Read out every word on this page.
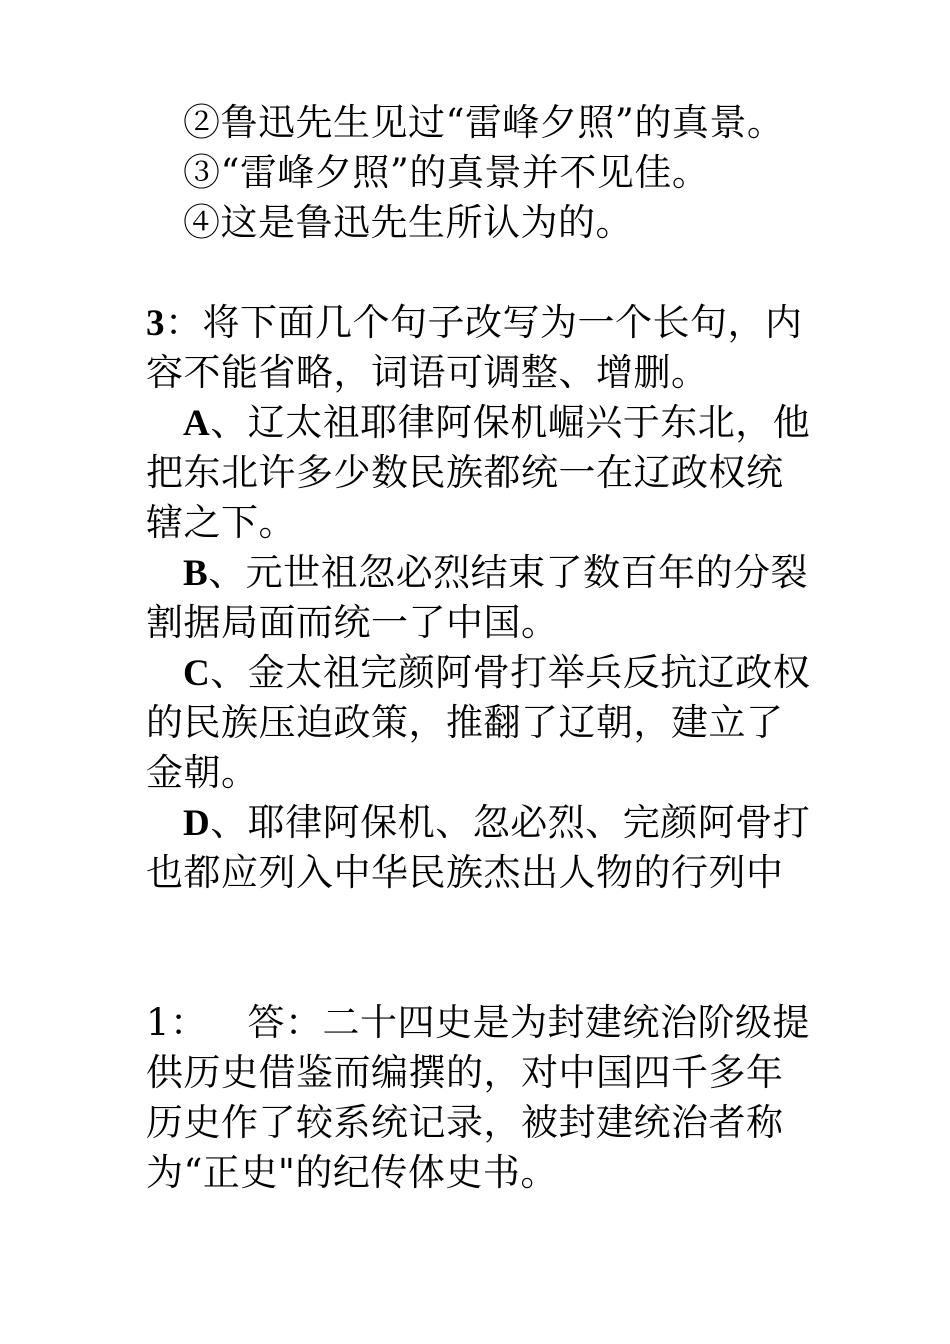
②鲁迅先生见过“雷峰夕照”的真景。
③“雷峰夕照”的真景并不见佳。
④这是鲁迅先生所认为的。
3：将下面几个句子改写为一个长句，内
容不能省略，词语可调整、增删。
A、辽太祖耶律阿保机崛兴于东北，他
把东北许多少数民族都统一在辽政权统
辖之下。
B、元世祖忽必烈结束了数百年的分裂
割据局面而统一了中国。
C、金太祖完颜阿骨打举兵反抗辽政权
的民族压迫政策，推翻了辽朝，建立了
金朝。
D、耶律阿保机、忽必烈、完颜阿骨打
也都应列入中华民族杰出人物的行列中
1： 答：二十四史是为封建统治阶级提
供历史借鉴而编撰的，对中国四千多年
历史作了较系统记录，被封建统治者称
为“正史"的纪传体史书。
